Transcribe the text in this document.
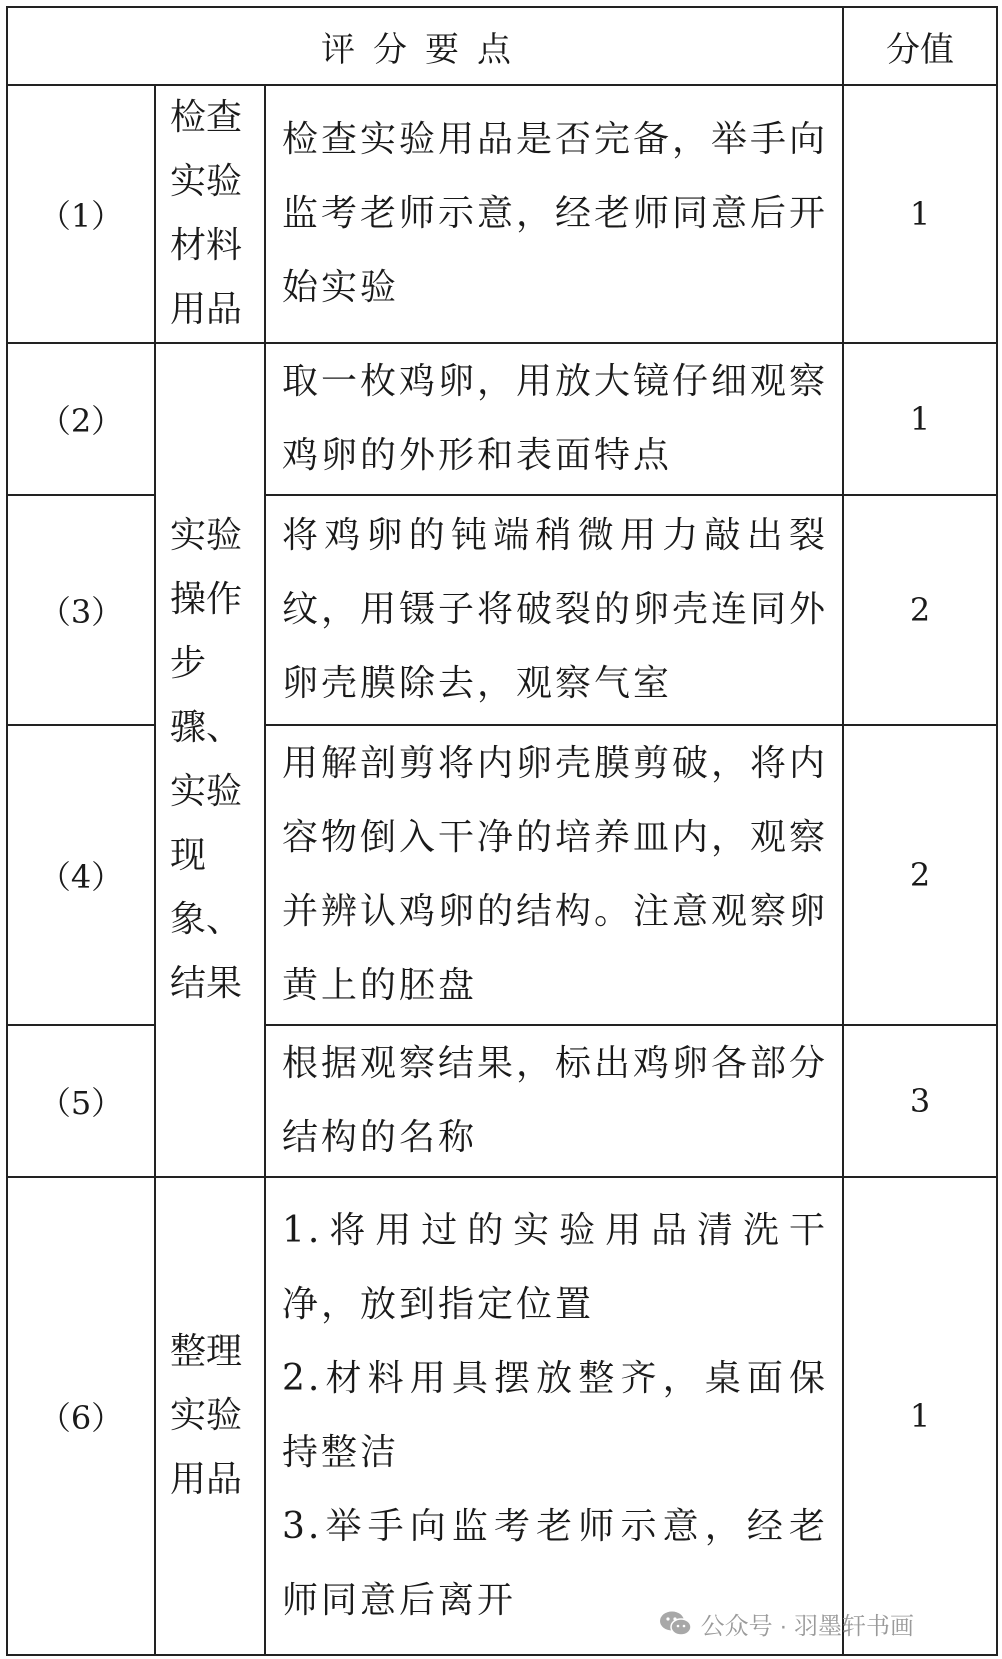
评分要点			分值
（1）	检查实验材料用品	检查实验用品是否完备，举手向监考老师示意，经老师同意后开始实验	1
（2）	实验操作步骤、实验现象、结果	取一枚鸡卵，用放大镜仔细观察鸡卵的外形和表面特点	1
（3）		将鸡卵的钝端稍微用力敲出裂纹，用镊子将破裂的卵壳连同外卵壳膜除去，观察气室	2
（4）		用解剖剪将内卵壳膜剪破，将内容物倒入干净的培养皿内，观察并辨认鸡卵的结构。注意观察卵黄上的胚盘	2
（5）		根据观察结果，标出鸡卵各部分结构的名称	3
（6）	整理实验用品	1.将用过的实验用品清洗干净，放到指定位置
2.材料用具摆放整齐，桌面保持整洁
3.举手向监考老师示意，经老师同意后离开	1
公众号 · 羽墨轩书画
